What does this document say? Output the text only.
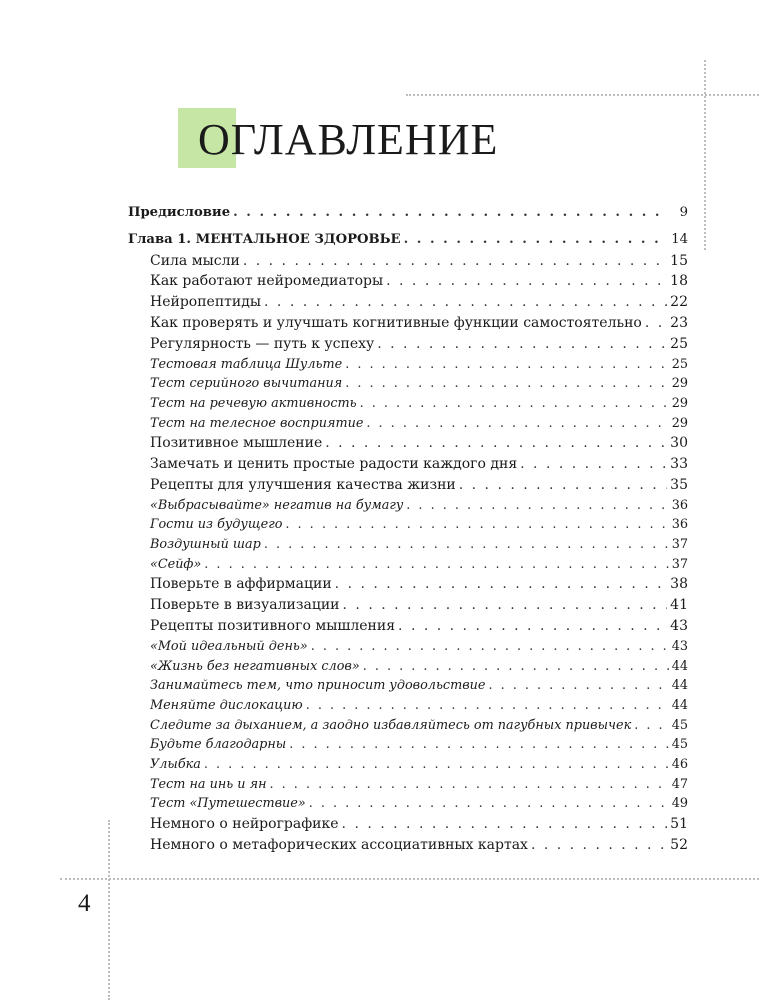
ОГЛАВЛЕНИЕ
Предисловие . . .	9
Глава 1. МЕНТАЛЬНОЕ ЗДОРОВЬЕ . . .	14
Сила мысли . . .	15
Как работают нейромедиаторы . . .	18
Нейропептиды . . .	22
Как проверять и улучшать когнитивные функции самостоятельно . . . 23
Регулярность — путь к успеху . . .	25
Тестовая таблица Шульте . . .	25
Тест серийного вычитания . . .	29
Тест на речевую активность . . .	29
Тест на телесное восприятие . . .	29
Позитивное мышление . . .	30
Замечать и ценить простые радости каждого дня . . .	33
Рецепты для улучшения качества жизни . . .	35
«Выбрасывайте» негатив на бумагу . . .	36
Гости из будущего . . .	36
Воздушный шар . . .	37
«Сейф» . . .	37
Поверьте в аффирмации . . .	38
Поверьте в визуализации . . .	41
Рецепты позитивного мышления . . .	43
«Мой идеальный день» . . .	43
«Жизнь без негативных слов» . . .	44
Занимайтесь тем, что приносит удовольствие . . .	44
Меняйте дислокацию . . .	44
Следите за дыханием, а заодно избавляйтесь от пагубных привычек . . .	45
Будьте благодарны . . .	45
Улыбка . . .	46
Тест на инь и ян . . .	47
Тест «Путешествие» . . .	49
Немного о нейрографике . . .	51
Немного о метафорических ассоциативных картах . . .	52

4
